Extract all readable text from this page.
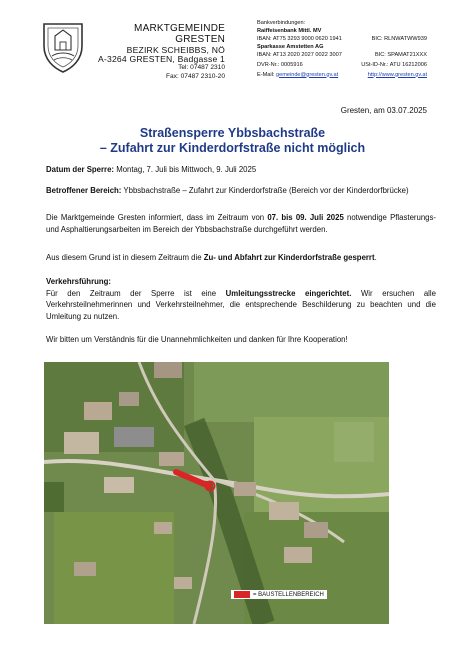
MARKTGEMEINDE
GRESTEN
BEZIRK SCHEIBBS, NÖ
A-3264 GRESTEN, Badgasse 1
Tel: 07487 2310
Fax: 07487 2310-20
Bankverbindungen:
Raiffeisenbank Mittl. MV
IBAN: AT75 3293 9000 0620 1941	BIC: RLNWATWW939
Sparkasse Amstetten AG
IBAN: AT13 2020 2027 0022 3007	BIC: SPAMAT21XXX
DVR-Nr.: 0005916	USt-ID-Nr.: ATU 16212006
E-Mail: gemeinde@gresten.gv.at	http://www.gresten.gv.at
Gresten, am 03.07.2025
Straßensperre Ybbsbachstraße
– Zufahrt zur Kinderdorfstraße nicht möglich
Datum der Sperre: Montag, 7. Juli bis Mittwoch, 9. Juli 2025
Betroffener Bereich: Ybbsbachstraße – Zufahrt zur Kinderdorfstraße (Bereich vor der Kinderdorfbrücke)
Die Marktgemeinde Gresten informiert, dass im Zeitraum von 07. bis 09. Juli 2025 notwendige Pflasterungs- und Asphaltierungsarbeiten im Bereich der Ybbsbachstraße durchgeführt werden.
Aus diesem Grund ist in diesem Zeitraum die Zu- und Abfahrt zur Kinderdorfstraße gesperrt.
Verkehrsführung:
Für den Zeitraum der Sperre ist eine Umleitungsstrecke eingerichtet. Wir ersuchen alle Verkehrsteilnehmerinnen und Verkehrsteilnehmer, die entsprechende Beschilderung zu beachten und die Umleitung zu nutzen.
Wir bitten um Verständnis für die Unannehmlichkeiten und danken für Ihre Kooperation!
= BAUSTELLENBEREICH
